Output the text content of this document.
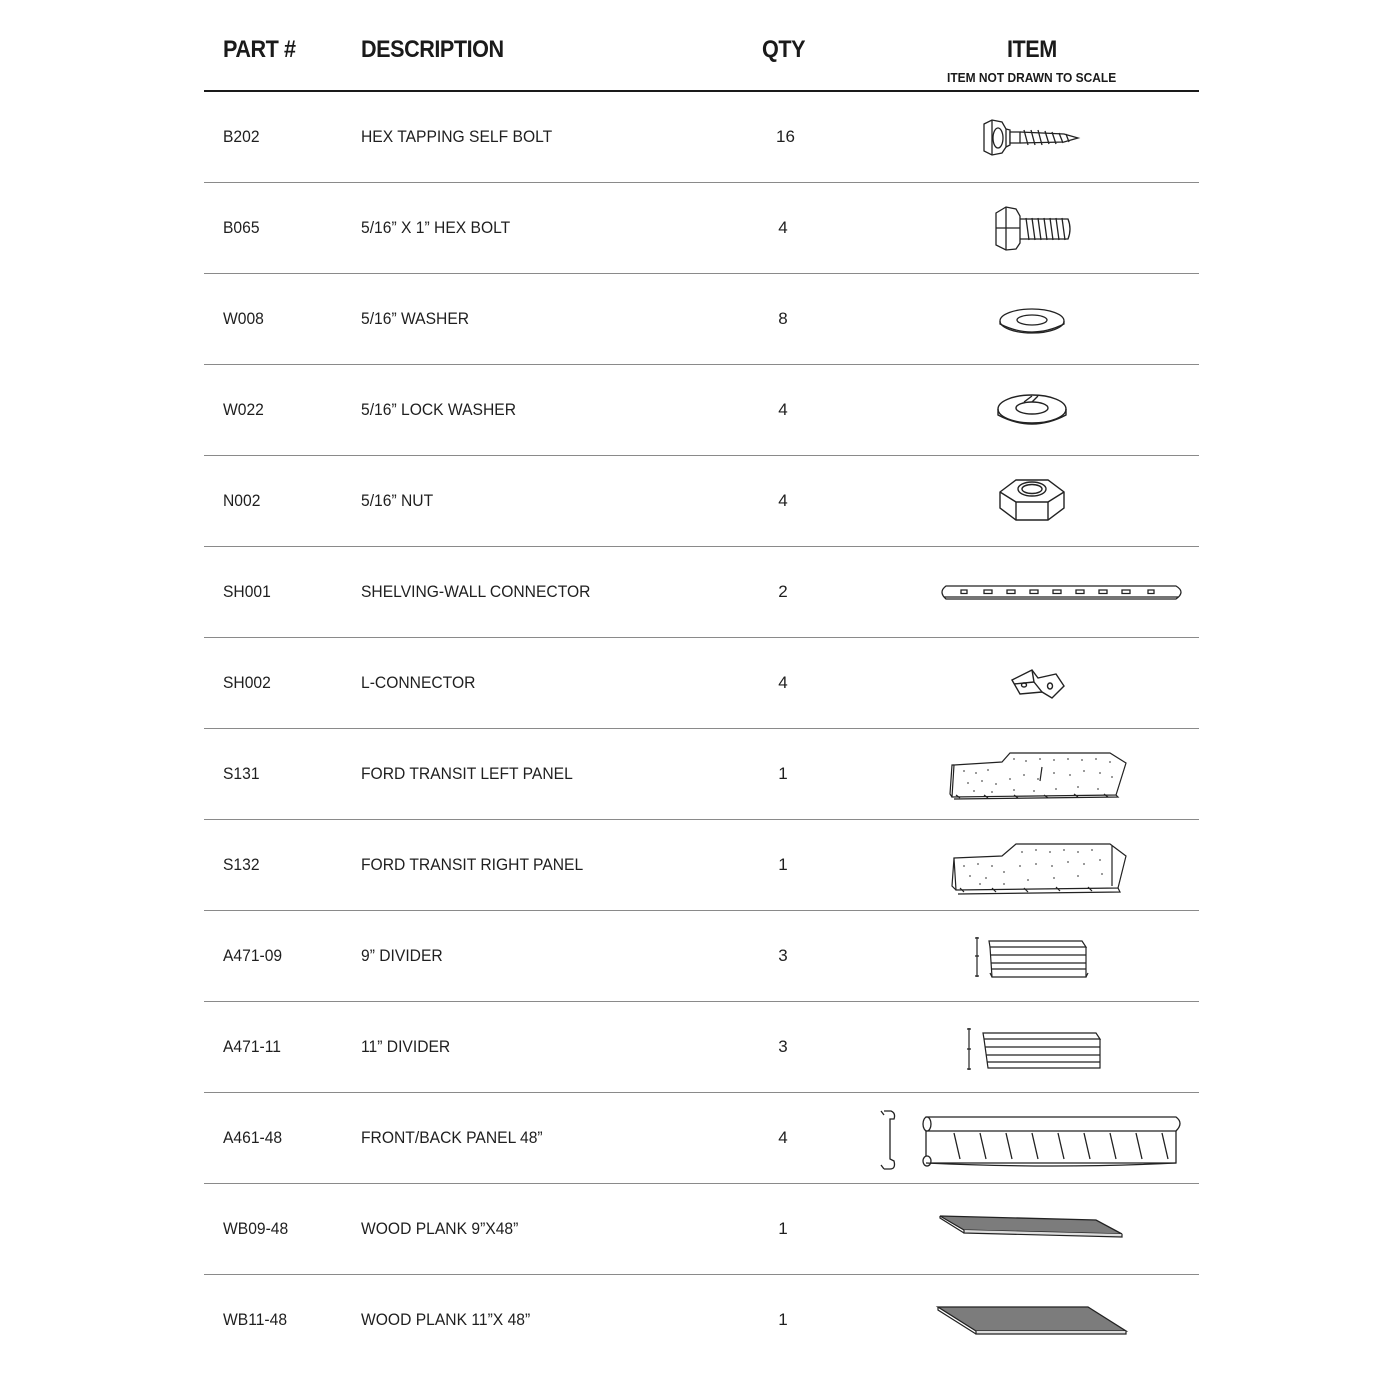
PART #	DESCRIPTION	QTY	ITEM
ITEM NOT DRAWN TO SCALE
B202	HEX TAPPING SELF BOLT	16
B065	5/16” X 1” HEX BOLT	4
W008	5/16” WASHER	8
W022	5/16” LOCK WASHER	4
N002	5/16” NUT	4
SH001	SHELVING-WALL CONNECTOR	2
SH002	L-CONNECTOR	4
S131	FORD TRANSIT LEFT PANEL	1
S132	FORD TRANSIT RIGHT PANEL	1
A471-09	9” DIVIDER	3
A471-11	11” DIVIDER	3
A461-48	FRONT/BACK PANEL 48”	4
WB09-48	WOOD PLANK 9”X48”	1
WB11-48	WOOD PLANK 11”X 48”	1
